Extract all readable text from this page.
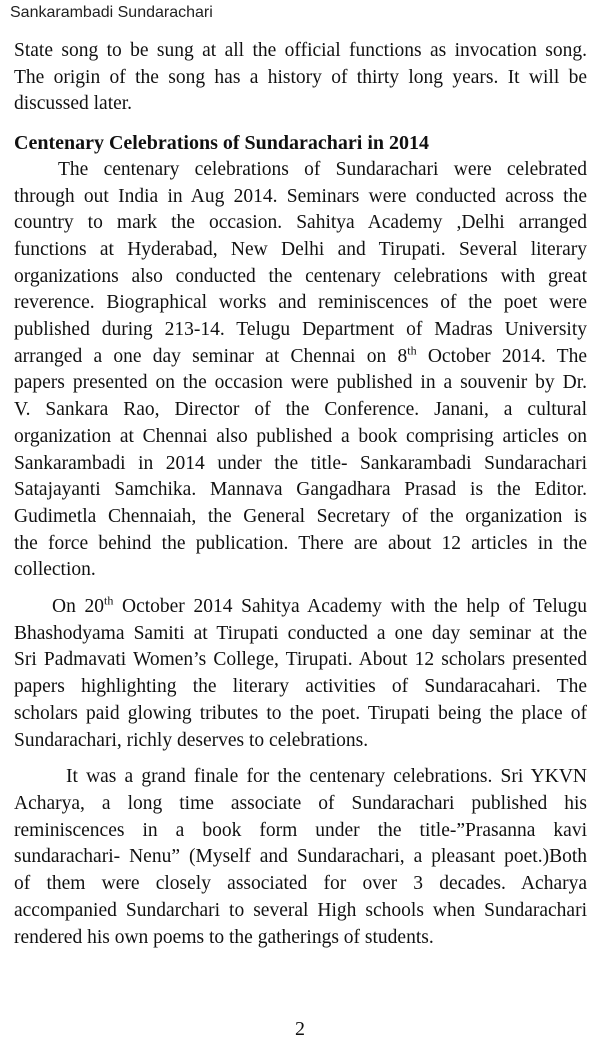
Sankarambadi Sundarachari
State song to be sung at all the official functions as invocation song.
The origin of the song has a history of thirty long years. It will be
discussed later.
Centenary Celebrations of Sundarachari in 2014
The centenary celebrations of Sundarachari were celebrated
through out India in Aug 2014. Seminars were conducted across the
country to mark the occasion. Sahitya Academy ,Delhi arranged
functions at Hyderabad, New Delhi and Tirupati. Several literary
organizations also conducted the centenary celebrations with great
reverence. Biographical works and reminiscences of the poet were
published during 213-14. Telugu Department of Madras University
arranged a one day seminar at Chennai on 8th October 2014. The
papers presented on the occasion were published in a souvenir by Dr.
V. Sankara Rao, Director of the Conference. Janani, a cultural
organization at Chennai also published a book comprising articles on
Sankarambadi in 2014 under the title- Sankarambadi Sundarachari
Satajayanti Samchika. Mannava Gangadhara Prasad is the Editor.
Gudimetla Chennaiah, the General Secretary of the organization is
the force behind the publication. There are about 12 articles in the
collection.
On 20th October 2014 Sahitya Academy with the help of Telugu
Bhashodyama Samiti at Tirupati conducted a one day seminar at the
Sri Padmavati Women’s College, Tirupati. About 12 scholars presented
papers highlighting the literary activities of Sundaracahari. The
scholars paid glowing tributes to the poet. Tirupati being the place of
Sundarachari, richly deserves to celebrations.
It was a grand finale for the centenary celebrations. Sri YKVN
Acharya, a long time associate of Sundarachari published his
reminiscences in a book form under the title-”Prasanna kavi
sundarachari- Nenu” (Myself and Sundarachari, a pleasant poet.)Both
of them were closely associated for over 3 decades. Acharya
accompanied Sundarchari to several High schools when Sundarachari
rendered his own poems to the gatherings of students.
2
